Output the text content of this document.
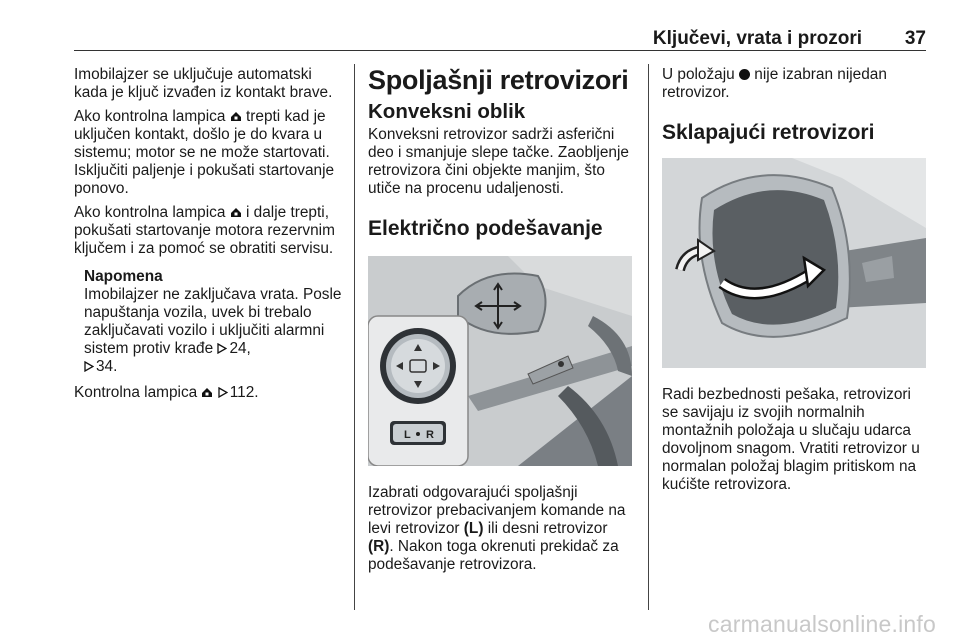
Ključevi, vrata i prozori 37

Imobilajzer se uključuje automatski kada je ključ izvađen iz kontakt brave.

Ako kontrolna lampica trepti kad je uključen kontakt, došlo je do kvara u sistemu; motor se ne može startovati. Isključiti paljenje i pokušati startovanje ponovo.

Ako kontrolna lampica i dalje trepti, pokušati startovanje motora rezervnim ključem i za pomoć se obratiti servisu.

Napomena
Imobilajzer ne zaključava vrata. Posle napuštanja vozila, uvek bi trebalo zaključavati vozilo i uključiti alarmni sistem protiv krađe 24,
34.

Kontrolna lampica 112.

Spoljašnji retrovizori
Konveksni oblik

Konveksni retrovizor sadrži asferični deo i smanjuje slepe tačke. Zaobljenje retrovizora čini objekte manjim, što utiče na procenu udaljenosti.

Električno podešavanje
L R

Izabrati odgovarajući spoljašnji retrovizor prebacivanjem komande na levi retrovizor (L) ili desni retrovizor (R). Nakon toga okrenuti prekidač za podešavanje retrovizora.

U položaju nije izabran nijedan retrovizor.

Sklapajući retrovizori

Radi bezbednosti pešaka, retrovizori se savijaju iz svojih normalnih montažnih položaja u slučaju udarca dovoljnom snagom. Vratiti retrovizor u normalan položaj blagim pritiskom na kućište retrovizora.

carmanualsonline.info
